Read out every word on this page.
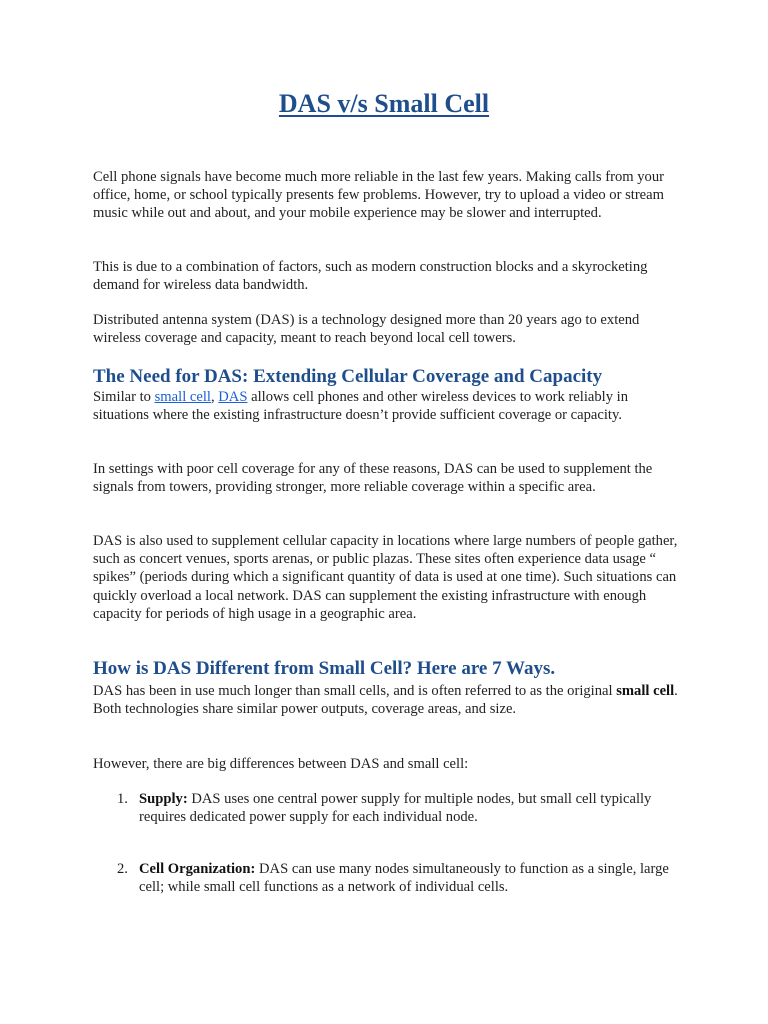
DAS v/s Small Cell

Cell phone signals have become much more reliable in the last few years. Making calls from your office, home, or school typically presents few problems. However, try to upload a video or stream music while out and about, and your mobile experience may be slower and interrupted.

This is due to a combination of factors, such as modern construction blocks and a skyrocketing demand for wireless data bandwidth.

Distributed antenna system (DAS) is a technology designed more than 20 years ago to extend wireless coverage and capacity, meant to reach beyond local cell towers.

The Need for DAS: Extending Cellular Coverage and Capacity

Similar to small cell, DAS allows cell phones and other wireless devices to work reliably in situations where the existing infrastructure doesn’t provide sufficient coverage or capacity.

In settings with poor cell coverage for any of these reasons, DAS can be used to supplement the signals from towers, providing stronger, more reliable coverage within a specific area.

DAS is also used to supplement cellular capacity in locations where large numbers of people gather, such as concert venues, sports arenas, or public plazas. These sites often experience data usage “ spikes” (periods during which a significant quantity of data is used at one time). Such situations can quickly overload a local network. DAS can supplement the existing infrastructure with enough capacity for periods of high usage in a geographic area.

How is DAS Different from Small Cell? Here are 7 Ways.

DAS has been in use much longer than small cells, and is often referred to as the original small cell. Both technologies share similar power outputs, coverage areas, and size.

However, there are big differences between DAS and small cell:

1. Supply: DAS uses one central power supply for multiple nodes, but small cell typically requires dedicated power supply for each individual node.

2. Cell Organization: DAS can use many nodes simultaneously to function as a single, large cell; while small cell functions as a network of individual cells.
